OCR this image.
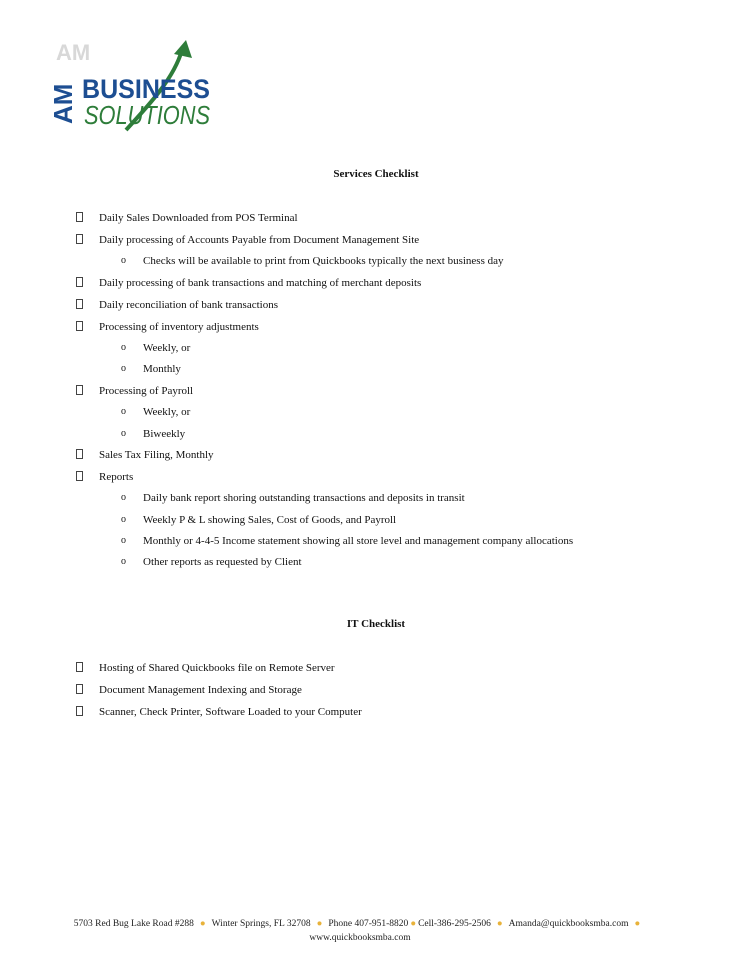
AM
AM BUSINESS
SOLUTIONS
Services Checklist
Daily Sales Downloaded from POS Terminal
Daily processing of Accounts Payable from Document Management Site
o Checks will be available to print from Quickbooks typically the next business day
Daily processing of bank transactions and matching of merchant deposits
Daily reconciliation of bank transactions
Processing of inventory adjustments
o Weekly, or
o Monthly
Processing of Payroll
o Weekly, or
o Biweekly
Sales Tax Filing, Monthly
Reports
o Daily bank report shoring outstanding transactions and deposits in transit
o Weekly P & L showing Sales, Cost of Goods, and Payroll
o Monthly or 4-4-5 Income statement showing all store level and management company allocations
o Other reports as requested by Client
IT Checklist
Hosting of Shared Quickbooks file on Remote Server
Document Management Indexing and Storage
Scanner, Check Printer, Software Loaded to your Computer
5703 Red Bug Lake Road #288 ● Winter Springs, FL 32708 ● Phone 407-951-8820 ● Cell-386-295-2506 ● Amanda@quickbooksmba.com ●
www.quickbooksmba.com
